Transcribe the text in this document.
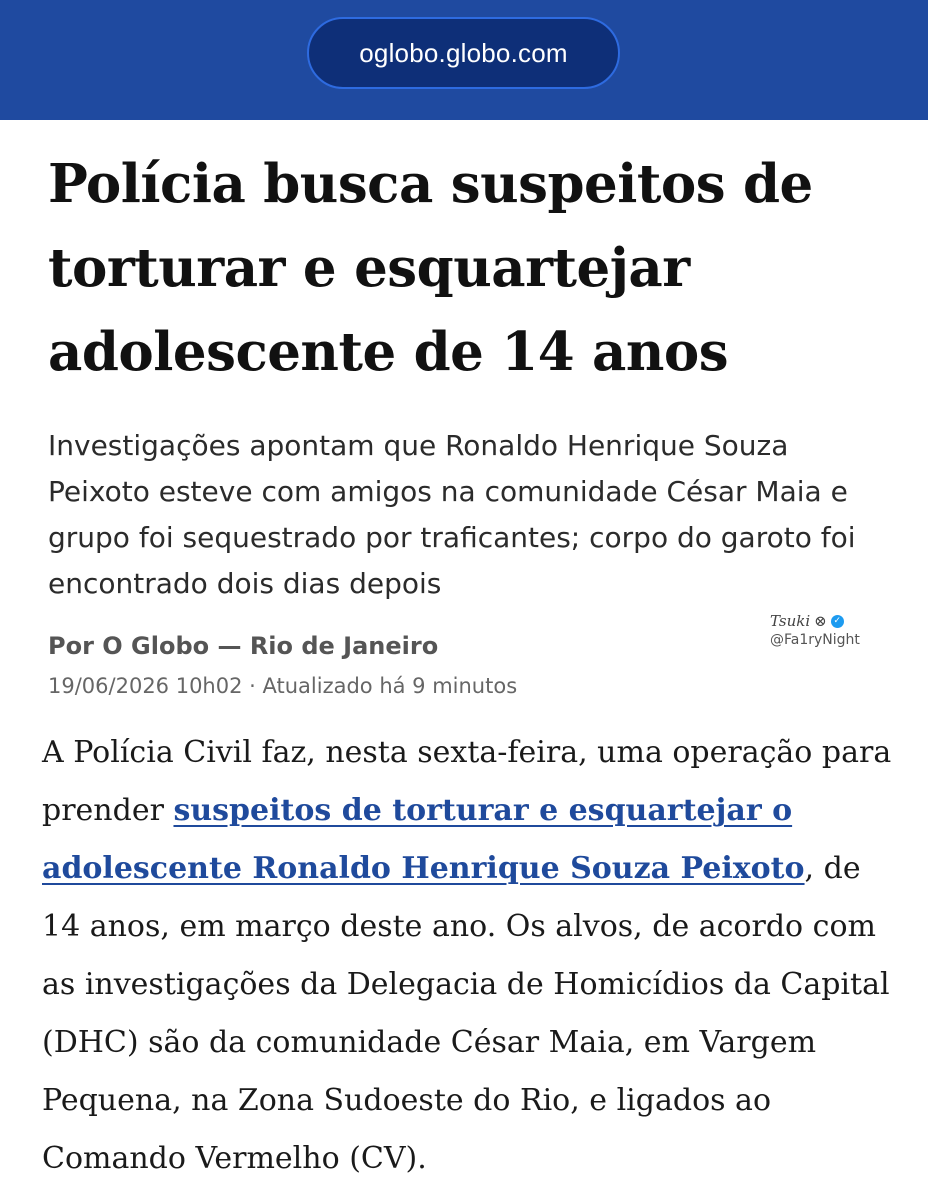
oglobo.globo.com
Polícia busca suspeitos de torturar e esquartejar adolescente de 14 anos

Investigações apontam que Ronaldo Henrique Souza Peixoto esteve com amigos na comunidade César Maia e grupo foi sequestrado por traficantes; corpo do garoto foi encontrado dois dias depois

Por O Globo — Rio de Janeiro
19/06/2026 10h02 · Atualizado há 9 minutos
Tsuki ⊗ ✓
@Fa1ryNight

A Polícia Civil faz, nesta sexta-feira, uma operação para prender suspeitos de torturar e esquartejar o adolescente Ronaldo Henrique Souza Peixoto, de 14 anos, em março deste ano. Os alvos, de acordo com as investigações da Delegacia de Homicídios da Capital (DHC) são da comunidade César Maia, em Vargem Pequena, na Zona Sudoeste do Rio, e ligados ao Comando Vermelho (CV).
